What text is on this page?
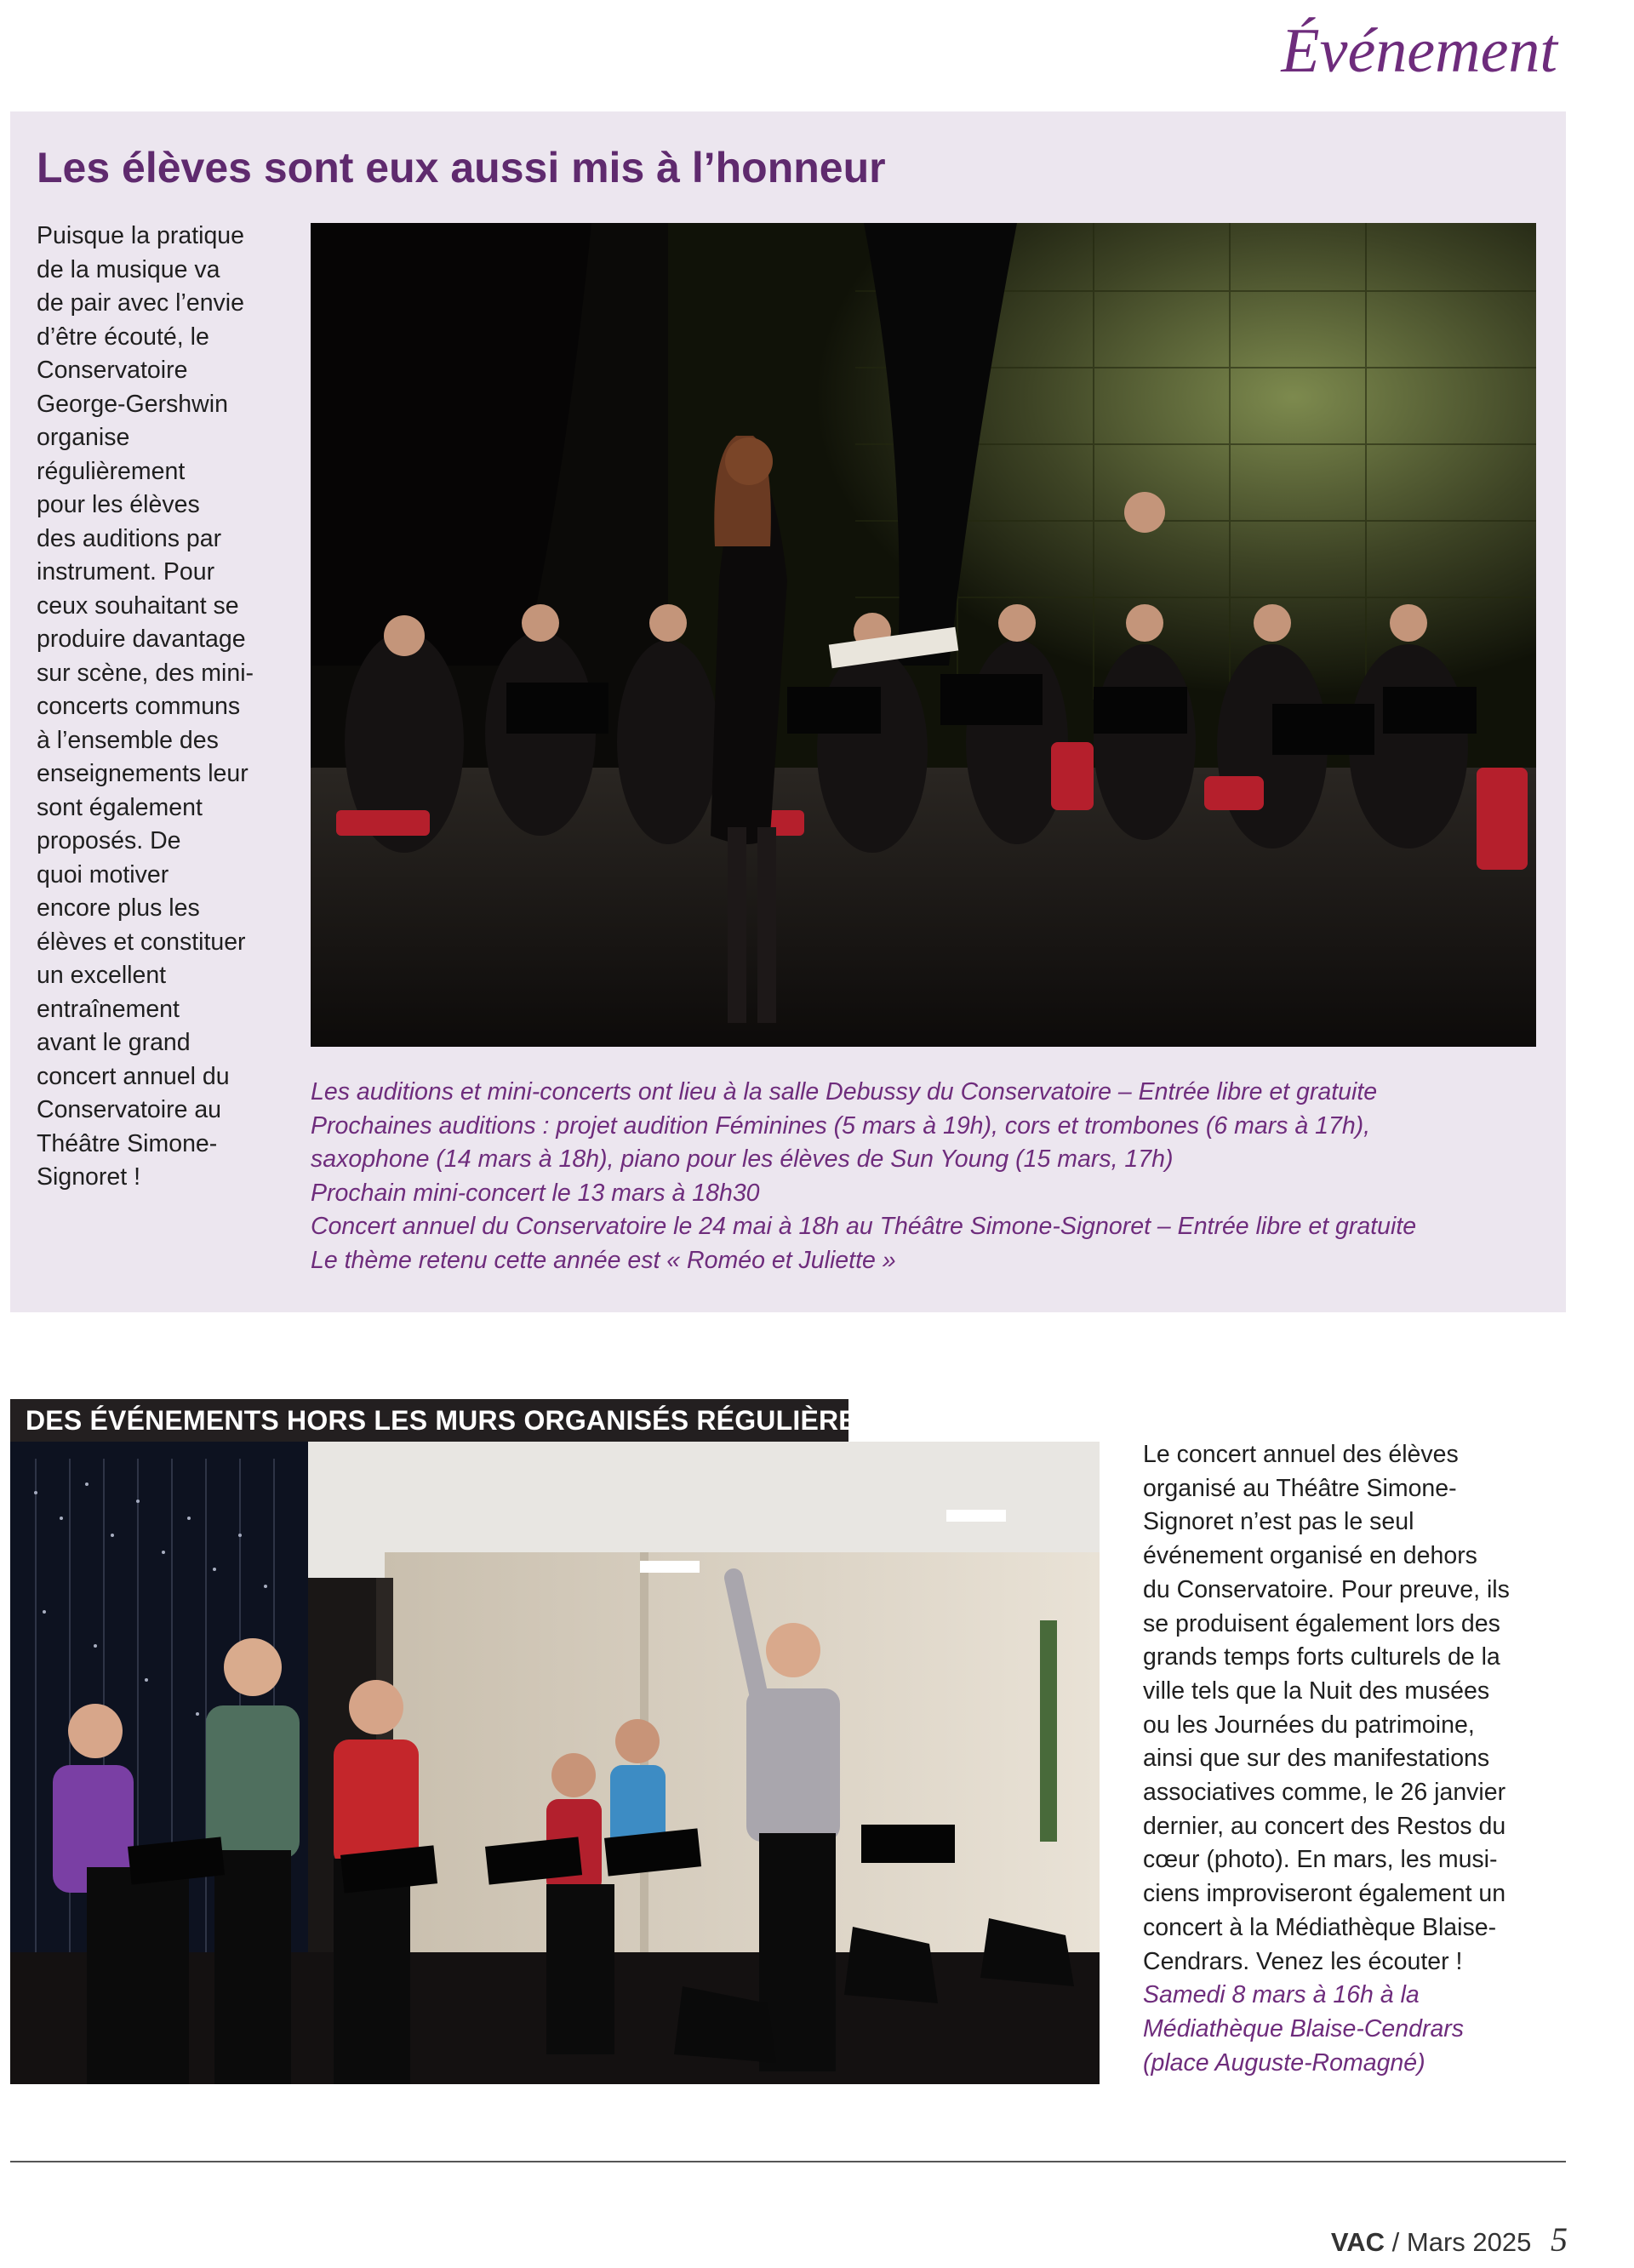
Événement
Les élèves sont eux aussi mis à l’honneur
Puisque la pratique
de la musique va
de pair avec l’envie
d’être écouté, le
Conservatoire
George-Gershwin
organise
régulièrement
pour les élèves
des auditions par
instrument. Pour
ceux souhaitant se
produire davantage
sur scène, des mini-
concerts communs
à l’ensemble des
enseignements leur
sont également
proposés. De
quoi motiver
encore plus les
élèves et constituer
un excellent
entraînement
avant le grand
concert annuel du
Conservatoire au
Théâtre Simone-
Signoret !
Les auditions et mini-concerts ont lieu à la salle Debussy du Conservatoire – Entrée libre et gratuite
Prochaines auditions : projet audition Féminines (5 mars à 19h), cors et trombones (6 mars à 17h),
saxophone (14 mars à 18h), piano pour les élèves de Sun Young (15 mars, 17h)
Prochain mini-concert le 13 mars à 18h30
Concert annuel du Conservatoire le 24 mai à 18h au Théâtre Simone-Signoret – Entrée libre et gratuite
Le thème retenu cette année est « Roméo et Juliette »
DES ÉVÉNEMENTS HORS LES MURS ORGANISÉS RÉGULIÈREMENT
Le concert annuel des élèves
organisé au Théâtre Simone-
Signoret n’est pas le seul
événement organisé en dehors
du Conservatoire. Pour preuve, ils
se produisent également lors des
grands temps forts culturels de la
ville tels que la Nuit des musées
ou les Journées du patrimoine,
ainsi que sur des manifestations
associatives comme, le 26 janvier
dernier, au concert des Restos du
cœur (photo). En mars, les musi-
ciens improviseront également un
concert à la Médiathèque Blaise-
Cendrars. Venez les écouter !
Samedi 8 mars à 16h à la
Médiathèque Blaise-Cendrars
(place Auguste-Romagné)
VAC / Mars 2025 5
